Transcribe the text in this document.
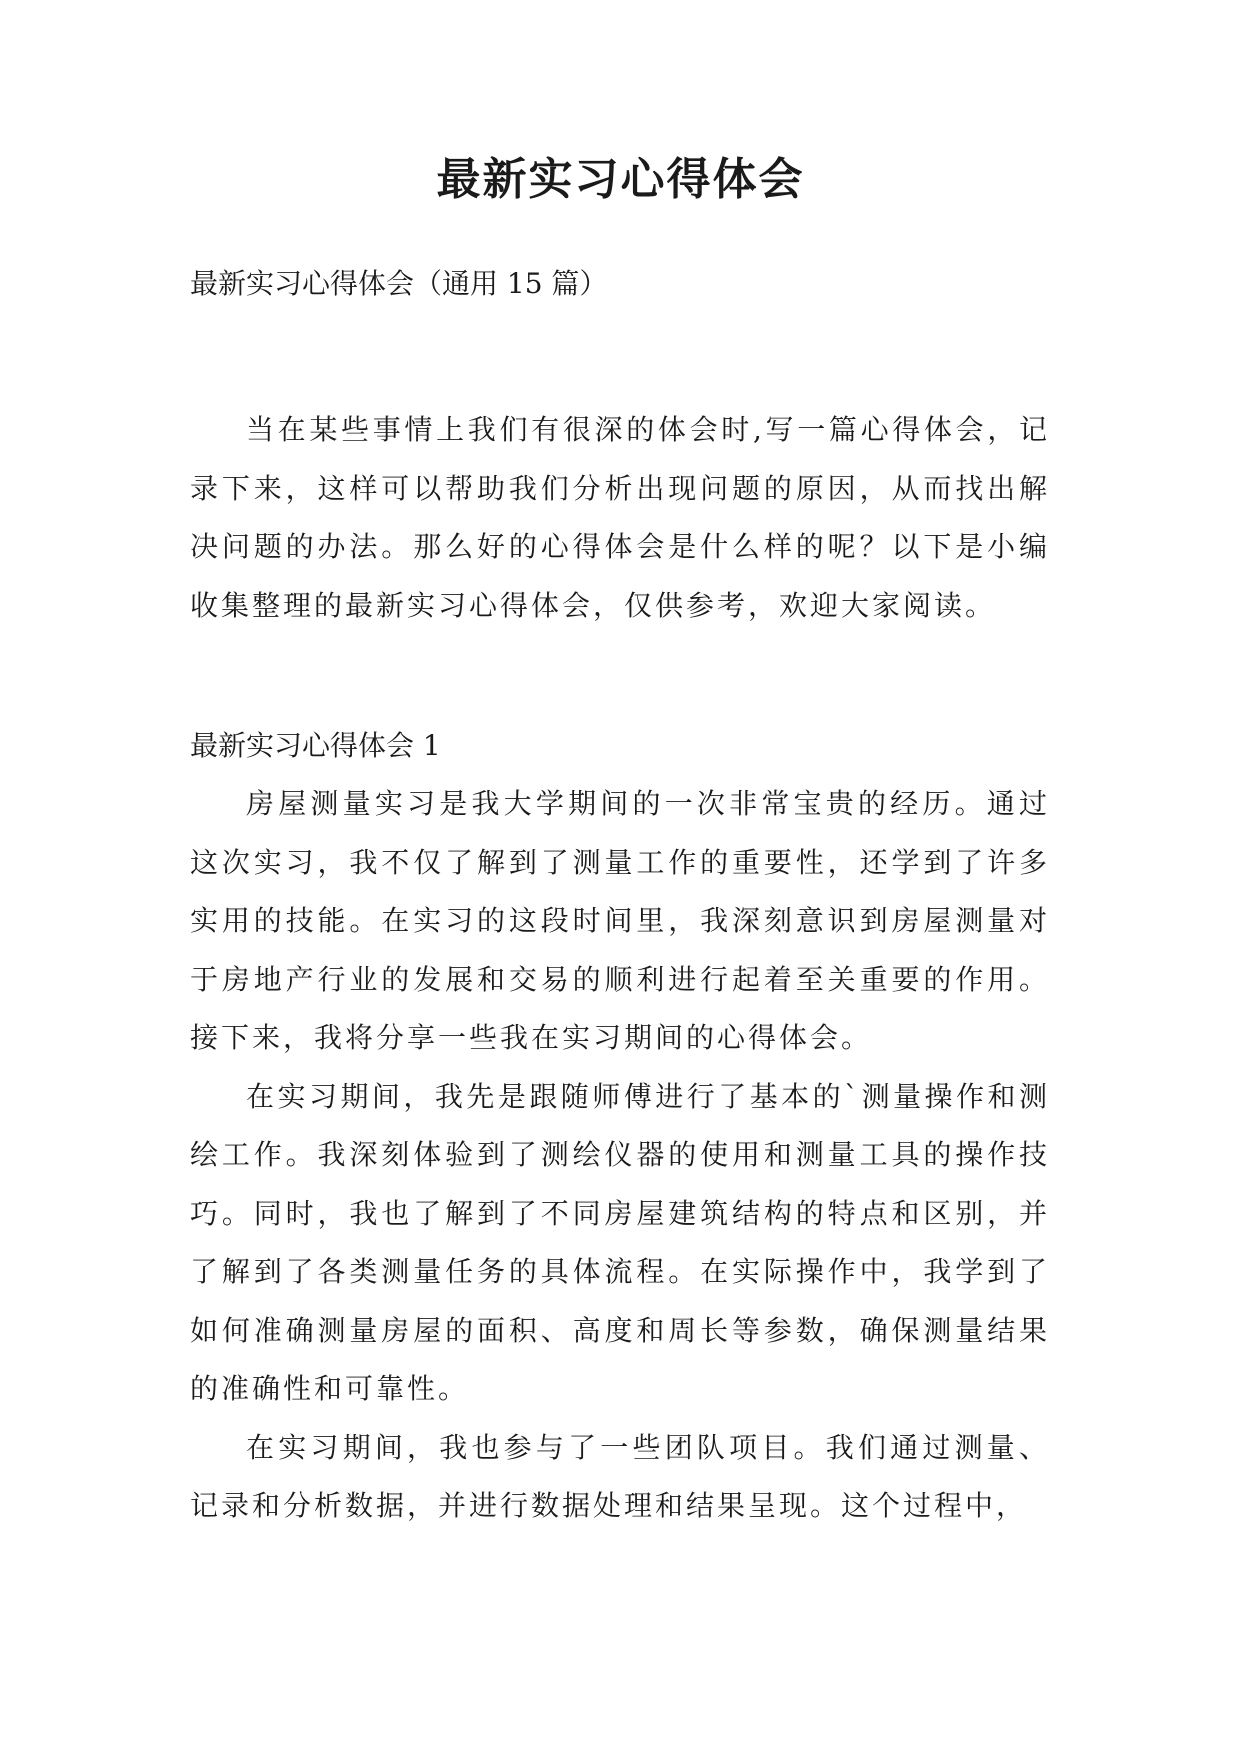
最新实习心得体会

最新实习心得体会（通用 15 篇）

当在某些事情上我们有很深的体会时,写一篇心得体会，记录下来，这样可以帮助我们分析出现问题的原因，从而找出解决问题的办法。那么好的心得体会是什么样的呢？以下是小编收集整理的最新实习心得体会，仅供参考，欢迎大家阅读。

最新实习心得体会 1

房屋测量实习是我大学期间的一次非常宝贵的经历。通过这次实习，我不仅了解到了测量工作的重要性，还学到了许多实用的技能。在实习的这段时间里，我深刻意识到房屋测量对于房地产行业的发展和交易的顺利进行起着至关重要的作用。接下来，我将分享一些我在实习期间的心得体会。

在实习期间，我先是跟随师傅进行了基本的`测量操作和测绘工作。我深刻体验到了测绘仪器的使用和测量工具的操作技巧。同时，我也了解到了不同房屋建筑结构的特点和区别，并了解到了各类测量任务的具体流程。在实际操作中，我学到了如何准确测量房屋的面积、高度和周长等参数，确保测量结果的准确性和可靠性。

在实习期间，我也参与了一些团队项目。我们通过测量、记录和分析数据，并进行数据处理和结果呈现。这个过程中，
